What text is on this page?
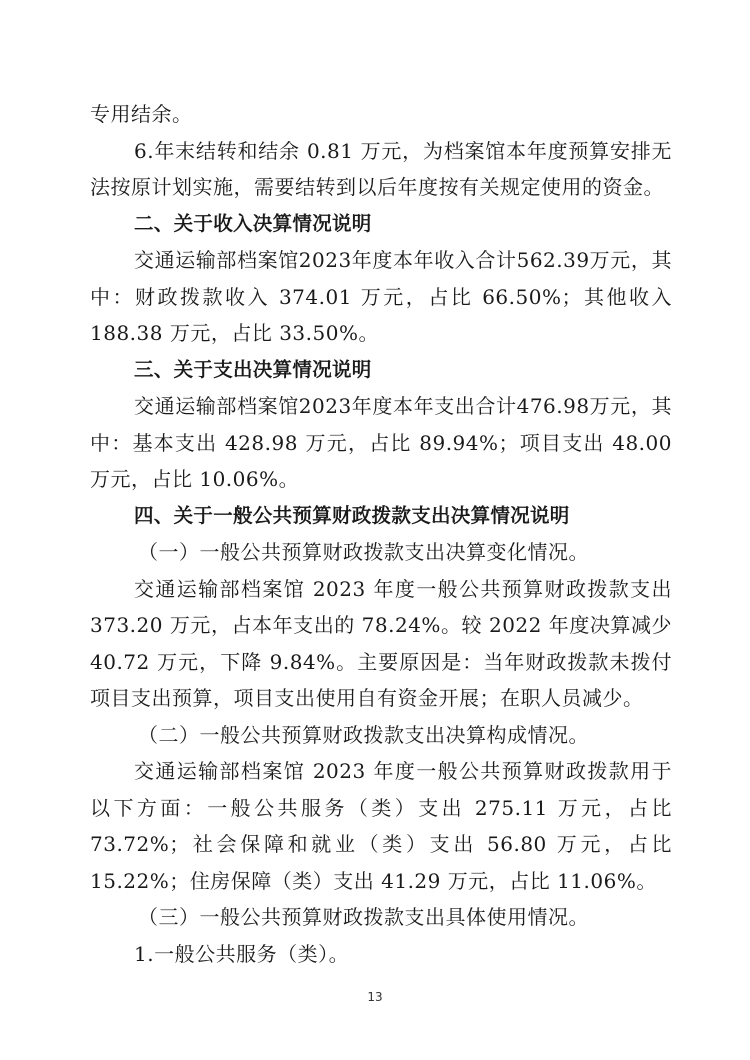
专用结余。

6.年末结转和结余 0.81 万元，为档案馆本年度预算安排无法按原计划实施，需要结转到以后年度按有关规定使用的资金。

二、关于收入决算情况说明

交通运输部档案馆2023年度本年收入合计562.39万元，其中：财政拨款收入 374.01 万元，占比 66.50%；其他收入 188.38 万元，占比 33.50%。

三、关于支出决算情况说明

交通运输部档案馆2023年度本年支出合计476.98万元，其中：基本支出 428.98 万元，占比 89.94%；项目支出 48.00 万元，占比 10.06%。

四、关于一般公共预算财政拨款支出决算情况说明

（一）一般公共预算财政拨款支出决算变化情况。

交通运输部档案馆 2023 年度一般公共预算财政拨款支出 373.20 万元，占本年支出的 78.24%。较 2022 年度决算减少 40.72 万元，下降 9.84%。主要原因是：当年财政拨款未拨付项目支出预算，项目支出使用自有资金开展；在职人员减少。

（二）一般公共预算财政拨款支出决算构成情况。

交通运输部档案馆 2023 年度一般公共预算财政拨款用于以下方面：一般公共服务（类）支出 275.11 万元，占比 73.72%；社会保障和就业（类）支出 56.80 万元，占比 15.22%；住房保障（类）支出 41.29 万元，占比 11.06%。

（三）一般公共预算财政拨款支出具体使用情况。

1.一般公共服务（类）。

13
